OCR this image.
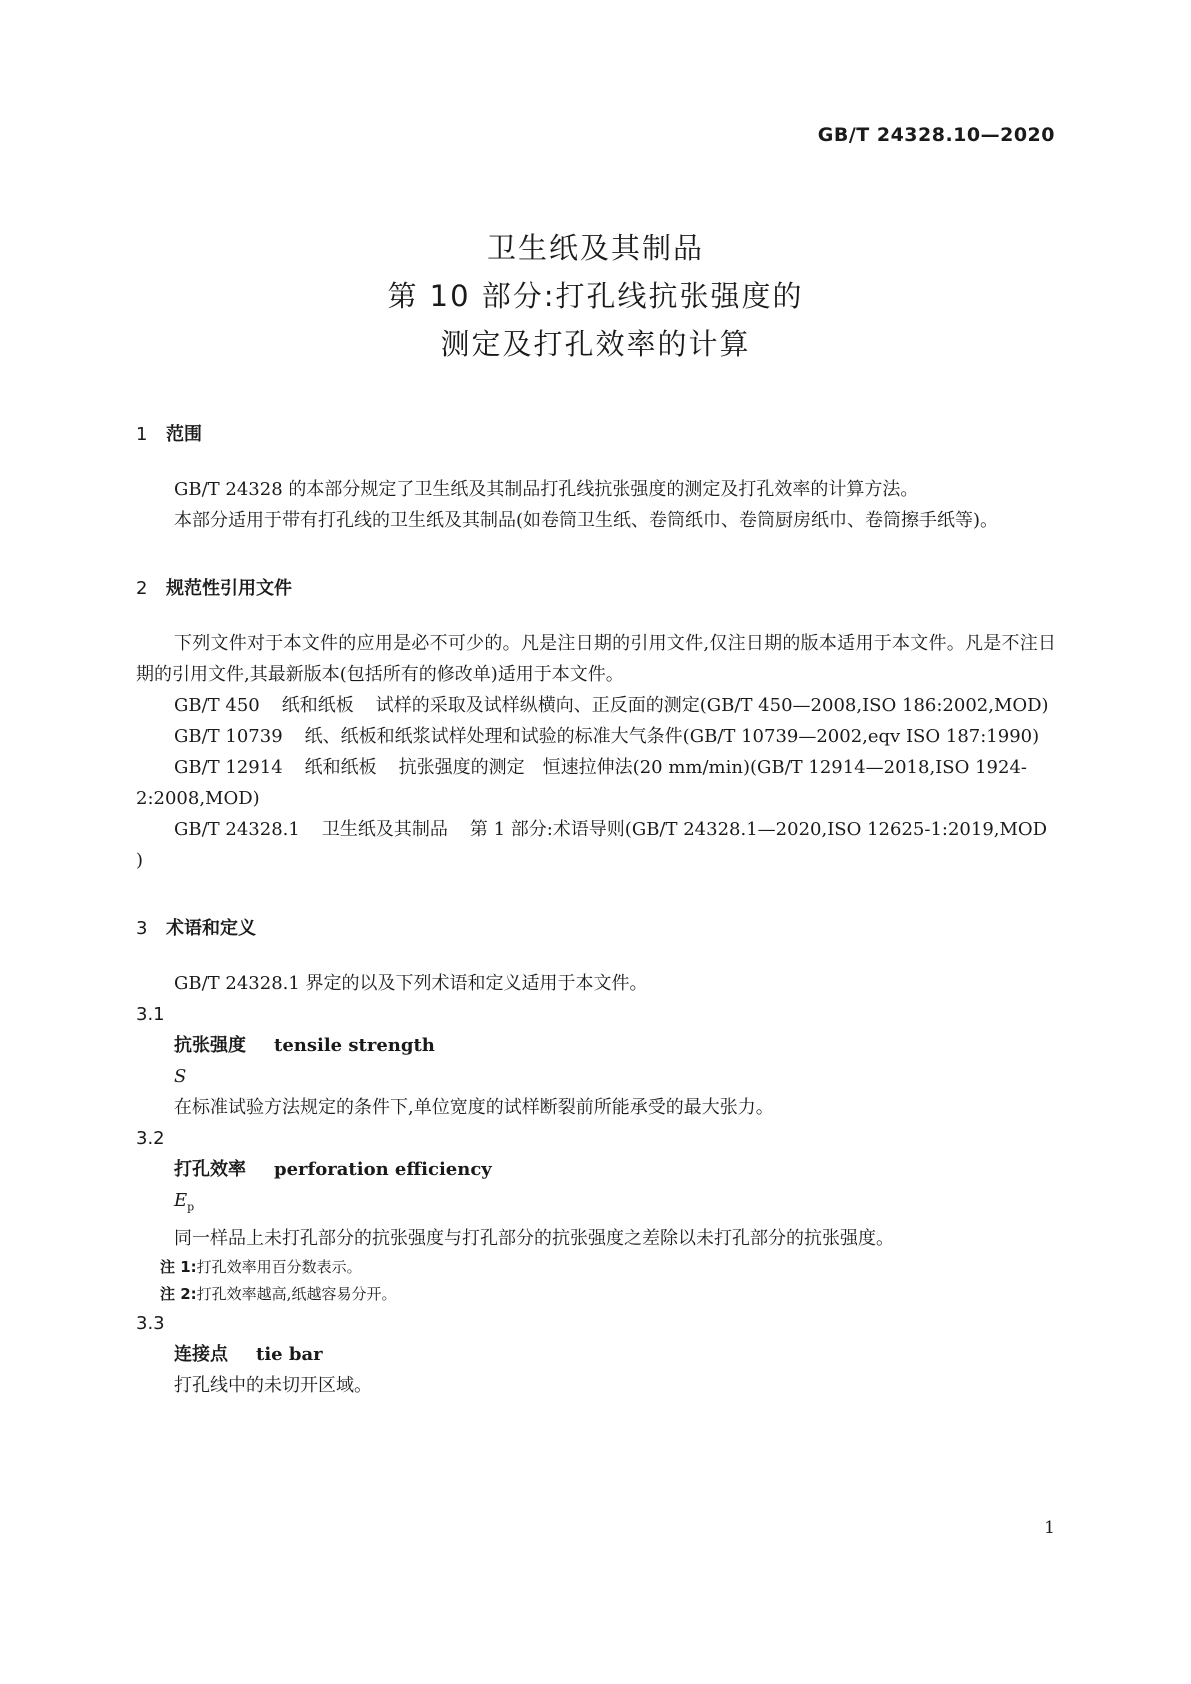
GB/T 24328.10—2020
卫生纸及其制品
第 10 部分:打孔线抗张强度的
测定及打孔效率的计算
1 范围

GB/T 24328 的本部分规定了卫生纸及其制品打孔线抗张强度的测定及打孔效率的计算方法。

本部分适用于带有打孔线的卫生纸及其制品(如卷筒卫生纸、卷筒纸巾、卷筒厨房纸巾、卷筒擦手纸等)。

2 规范性引用文件

下列文件对于本文件的应用是必不可少的。凡是注日期的引用文件,仅注日期的版本适用于本文件。凡是不注日期的引用文件,其最新版本(包括所有的修改单)适用于本文件。

GB/T 450 纸和纸板 试样的采取及试样纵横向、正反面的测定(GB/T 450—2008,ISO 186:2002,MOD)

GB/T 10739 纸、纸板和纸浆试样处理和试验的标准大气条件(GB/T 10739—2002,eqv ISO 187:1990)

GB/T 12914 纸和纸板 抗张强度的测定　恒速拉伸法(20 mm/min)(GB/T 12914—2018,ISO 1924-2:2008,MOD)

GB/T 24328.1 卫生纸及其制品 第 1 部分:术语导则(GB/T 24328.1—2020,ISO 12625-1:2019,MOD )

3 术语和定义

GB/T 24328.1 界定的以及下列术语和定义适用于本文件。

3.1

抗张强度 tensile strength

S

在标准试验方法规定的条件下,单位宽度的试样断裂前所能承受的最大张力。

3.2

打孔效率 perforation efficiency

$E_p$

同一样品上未打孔部分的抗张强度与打孔部分的抗张强度之差除以未打孔部分的抗张强度。

注 1:打孔效率用百分数表示。

注 2:打孔效率越高,纸越容易分开。

3.3

连接点 tie bar

打孔线中的未切开区域。

1
